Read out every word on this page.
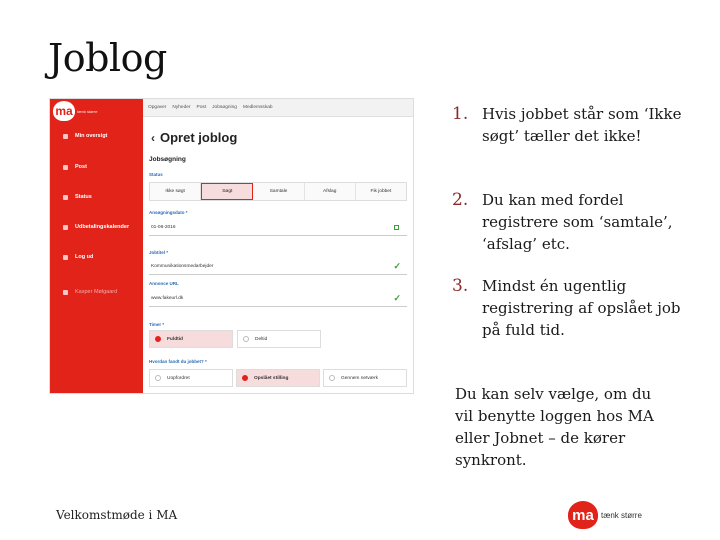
Joblog
ma	tænk større
Min oversigt
Post
Status
Udbetalingskalender
Log ud
Kasper Mølgaard
Opgaver Nyheder Post Jobsøgning Medlemsskab
‹ Opret joblog
Jobsøgning
Status
Ikke søgt	Søgt	Samtale	Afslag	Fik jobbet
Ansøgningsdato *
01-06-2016
Jobtitel *
Kommunikationsmedarbejder	✓
Annonce URL
www.fakeurl.dk	✓
Timer *
Fuldtid	Deltid
Hvordan fandt du jobbet? *
Uopfordret	Opslået stilling	Gennem netværk
1. Hvis jobbet står som ‘Ikke søgt’ tæller det ikke!
2. Du kan med fordel registrere som ‘samtale’, ‘afslag’ etc.
3. Mindst én ugentlig registrering af opslået job på fuld tid.

Du kan selv vælge, om du vil benytte loggen hos MA eller Jobnet – de kører synkront.

Velkomstmøde i MA	ma tænk større
